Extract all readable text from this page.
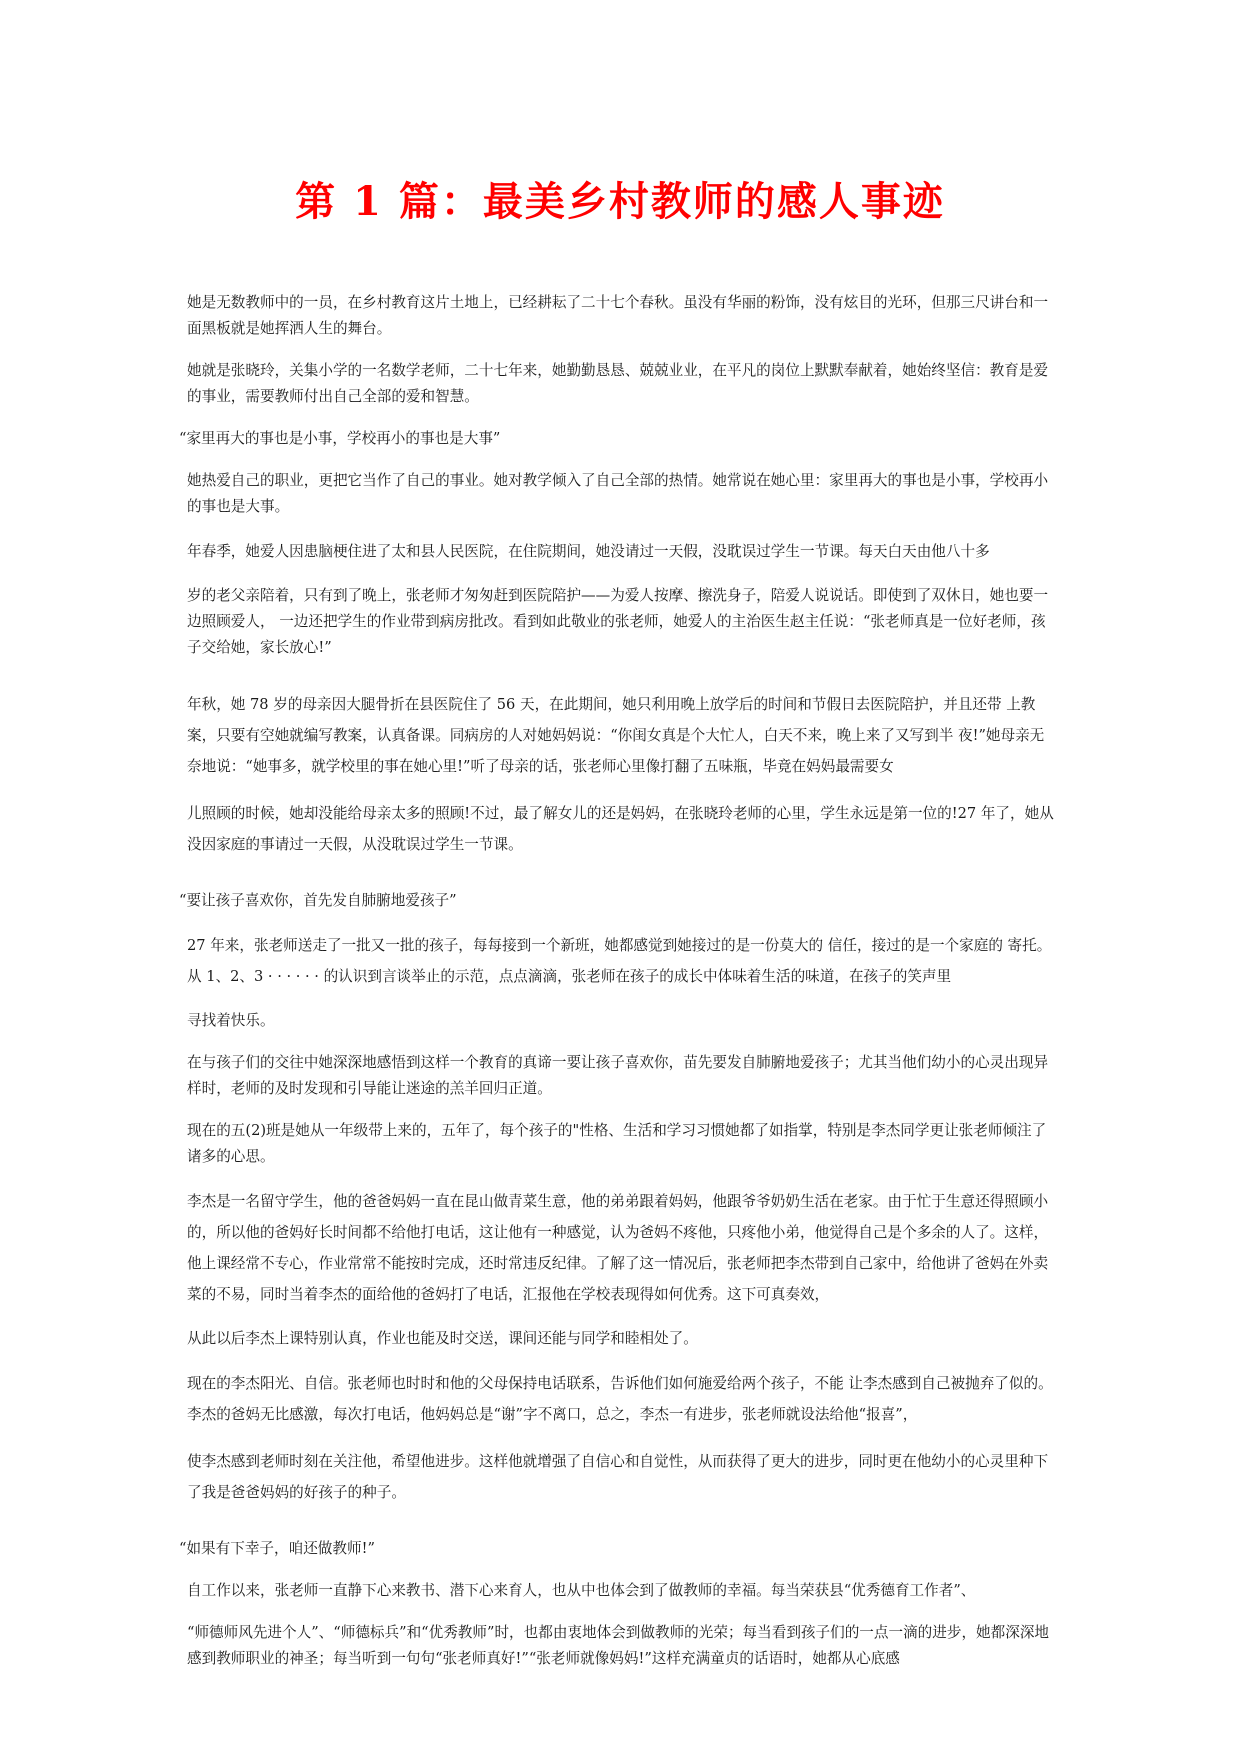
第 1 篇：最美乡村教师的感人事迹

她是无数教师中的一员，在乡村教育这片土地上，已经耕耘了二十七个春秋。虽没有华丽的粉饰，没有炫目的光环，但那三尺讲台和一面黑板就是她挥洒人生的舞台。

她就是张晓玲，关集小学的一名数学老师，二十七年来，她勤勤恳恳、兢兢业业，在平凡的岗位上默默奉献着，她始终坚信：教育是爱的事业，需要教师付出自己全部的爱和智慧。

“家里再大的事也是小事，学校再小的事也是大事”

她热爱自己的职业，更把它当作了自己的事业。她对教学倾入了自己全部的热情。她常说在她心里：家里再大的事也是小事，学校再小的事也是大事。

年春季，她爱人因患脑梗住进了太和县人民医院，在住院期间，她没请过一天假，没耽误过学生一节课。每天白天由他八十多

岁的老父亲陪着，只有到了晚上，张老师才匆匆赶到医院陪护——为爱人按摩、擦洗身子，陪爱人说说话。即使到了双休日，她也要一边照顾爱人， 一边还把学生的作业带到病房批改。看到如此敬业的张老师，她爱人的主治医生赵主任说：“张老师真是一位好老师，孩子交给她，家长放心!”

年秋，她 78 岁的母亲因大腿骨折在县医院住了 56 天，在此期间，她只利用晚上放学后的时间和节假日去医院陪护，并且还带 上教案，只要有空她就编写教案，认真备课。同病房的人对她妈妈说：“你闺女真是个大忙人，白天不来，晚上来了又写到半 夜!”她母亲无奈地说：“她事多，就学校里的事在她心里!”听了母亲的话，张老师心里像打翻了五味瓶，毕竟在妈妈最需要女

儿照顾的时候，她却没能给母亲太多的照顾!不过，最了解女儿的还是妈妈，在张晓玲老师的心里，学生永远是第一位的!27 年了，她从没因家庭的事请过一天假，从没耽误过学生一节课。

“要让孩子喜欢你，首先发自肺腑地爱孩子”

27 年来，张老师送走了一批又一批的孩子，每每接到一个新班，她都感觉到她接过的是一份莫大的 信任，接过的是一个家庭的 寄托。从 1、2、3 · · · · · · 的认识到言谈举止的示范，点点滴滴，张老师在孩子的成长中体味着生活的味道，在孩子的笑声里

寻找着快乐。

在与孩子们的交往中她深深地感悟到这样一个教育的真谛一要让孩子喜欢你，苗先要发自肺腑地爱孩子；尤其当他们幼小的心灵出现异样时，老师的及时发现和引导能让迷途的羔羊回归正道。

现在的五(2)班是她从一年级带上来的，五年了，每个孩子的"性格、生活和学习习惯她都了如指掌，特别是李杰同学更让张老师倾注了诸多的心思。

李杰是一名留守学生，他的爸爸妈妈一直在昆山做青菜生意，他的弟弟跟着妈妈，他跟爷爷奶奶生活在老家。由于忙于生意还得照顾小的，所以他的爸妈好长时间都不给他打电话，这让他有一种感觉，认为爸妈不疼他，只疼他小弟，他觉得自己是个多余的人了。这样，他上课经常不专心，作业常常不能按时完成，还时常违反纪律。了解了这一情况后，张老师把李杰带到自己家中，给他讲了爸妈在外卖菜的不易，同时当着李杰的面给他的爸妈打了电话，汇报他在学校表现得如何优秀。这下可真奏效，

从此以后李杰上课特别认真，作业也能及时交送，课间还能与同学和睦相处了。

现在的李杰阳光、自信。张老师也时时和他的父母保持电话联系，告诉他们如何施爱给两个孩子，不能 让李杰感到自己被抛弃了似的。李杰的爸妈无比感激，每次打电话，他妈妈总是“谢”字不离口，总之，李杰一有进步，张老师就设法给他“报喜”，

使李杰感到老师时刻在关注他，希望他进步。这样他就增强了自信心和自觉性，从而获得了更大的进步，同时更在他幼小的心灵里种下了我是爸爸妈妈的好孩子的种子。

“如果有下幸子，咱还做教师!”

自工作以来，张老师一直静下心来教书、潜下心来育人，也从中也体会到了做教师的幸福。每当荣获县“优秀德育工作者”、

“师德师风先进个人”、“师德标兵”和“优秀教师”时，也都由衷地体会到做教师的光荣；每当看到孩子们的一点一滴的进步，她都深深地感到教师职业的神圣；每当听到一句句“张老师真好!”“张老师就像妈妈!”这样充满童贞的话语时，她都从心底感
